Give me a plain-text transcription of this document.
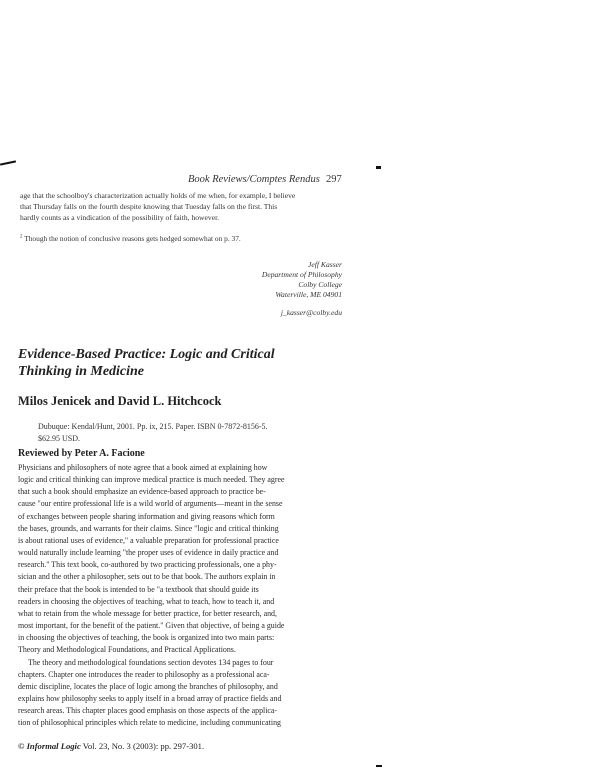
Book Reviews/Comptes Rendus 297

age that the schoolboy's characterization actually holds of me when, for example, I believe

that Thursday falls on the fourth despite knowing that Tuesday falls on the first. This

hardly counts as a vindication of the possibility of faith, however.

$^2$ Though the notion of conclusive reasons gets hedged somewhat on p. 37.
Jeff Kasser
Department of Philosophy
Colby College
Waterville, ME 04901
j_kasser@colby.edu
Evidence-Based Practice: Logic and Critical
Thinking in Medicine
Milos Jenicek and David L. Hitchcock

Dubuque: Kendal/Hunt, 2001. Pp. ix, 215. Paper. ISBN 0-7872-8156-5.

$62.95 USD.

Reviewed by Peter A. Facione

Physicians and philosophers of note agree that a book aimed at explaining how

logic and critical thinking can improve medical practice is much needed. They agree

that such a book should emphasize an evidence-based approach to practice be-

cause "our entire professional life is a wild world of arguments—meant in the sense

of exchanges between people sharing information and giving reasons which form

the bases, grounds, and warrants for their claims. Since "logic and critical thinking

is about rational uses of evidence," a valuable preparation for professional practice

would naturally include learning "the proper uses of evidence in daily practice and

research." This text book, co-authored by two practicing professionals, one a phy-

sician and the other a philosopher, sets out to be that book. The authors explain in

their preface that the book is intended to be "a textbook that should guide its

readers in choosing the objectives of teaching, what to teach, how to teach it, and

what to retain from the whole message for better practice, for better research, and,

most important, for the benefit of the patient." Given that objective, of being a guide

in choosing the objectives of teaching, the book is organized into two main parts:

Theory and Methodological Foundations, and Practical Applications.

The theory and methodological foundations section devotes 134 pages to four

chapters. Chapter one introduces the reader to philosophy as a professional aca-

demic discipline, locates the place of logic among the branches of philosophy, and

explains how philosophy seeks to apply itself in a broad array of practice fields and

research areas. This chapter places good emphasis on those aspects of the applica-

tion of philosophical principles which relate to medicine, including communicating

© Informal Logic Vol. 23, No. 3 (2003): pp. 297-301.
